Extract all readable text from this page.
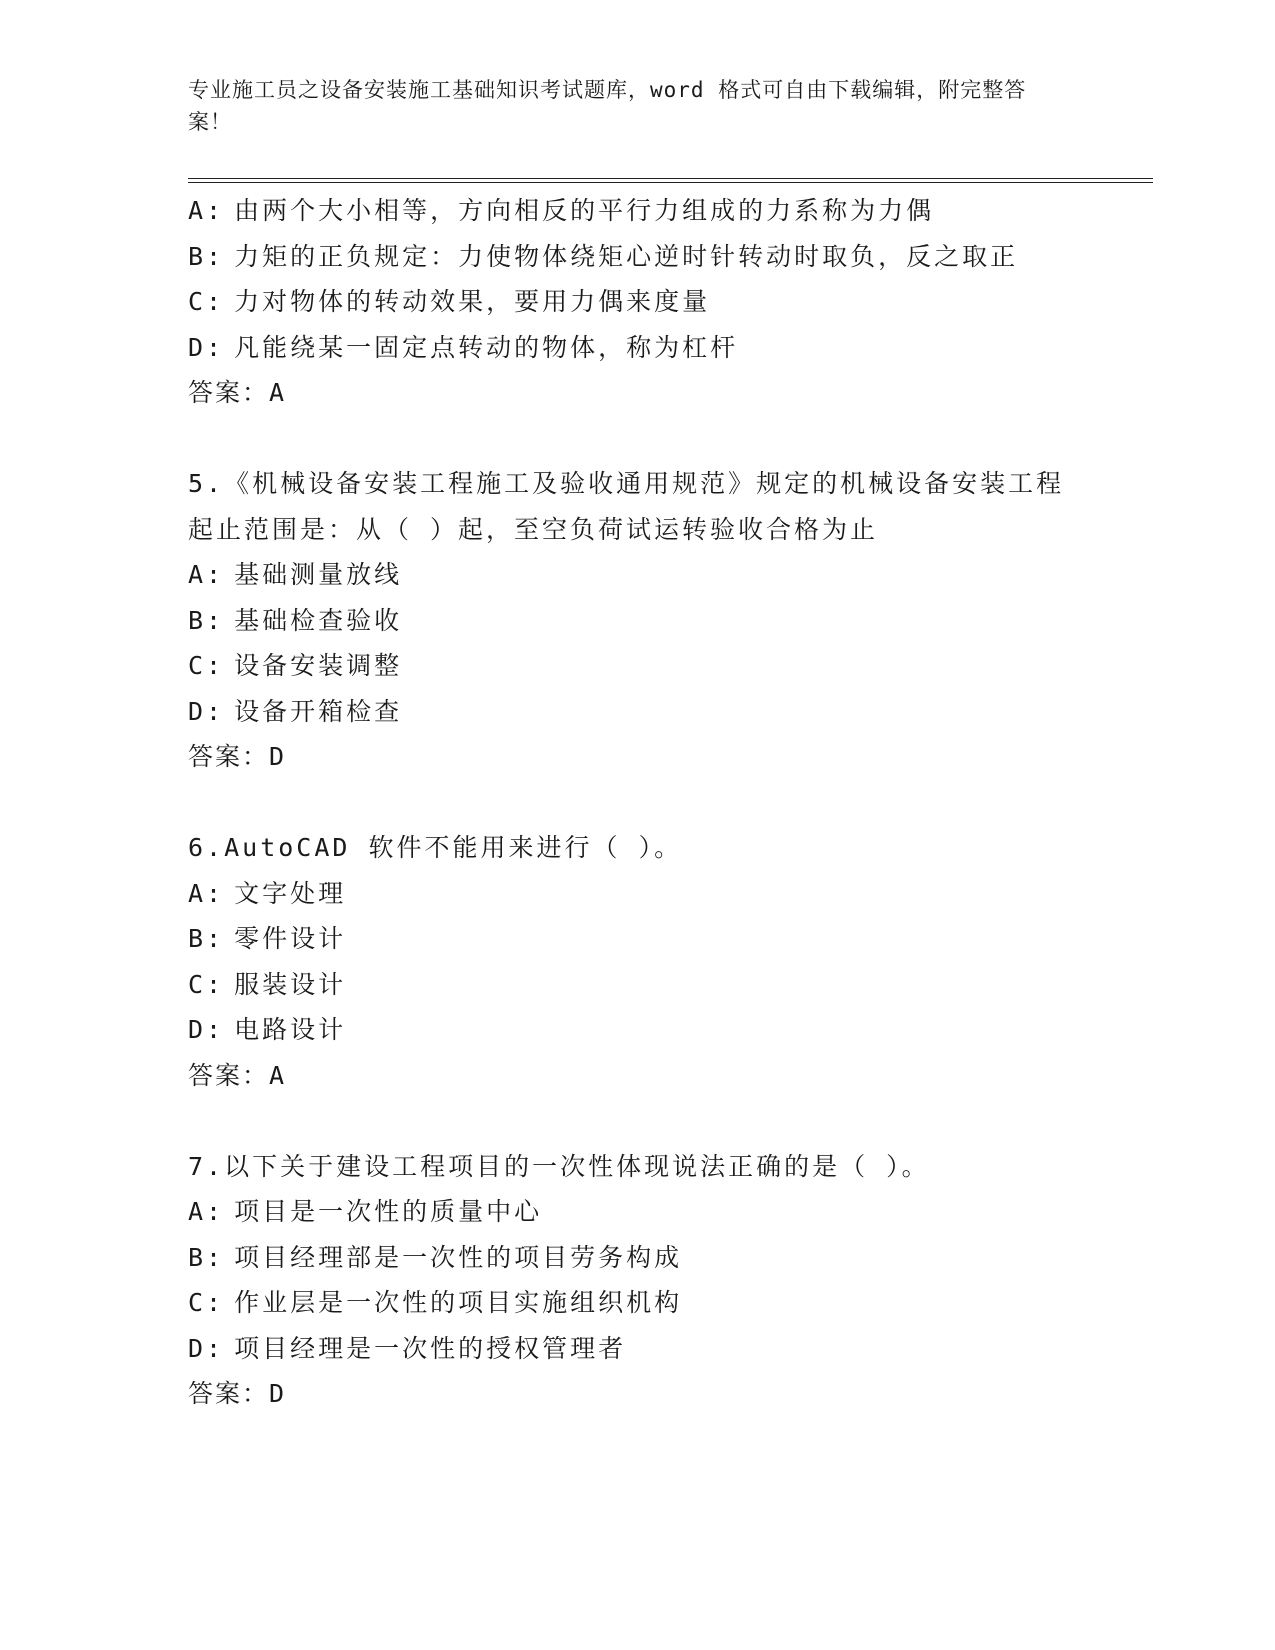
专业施工员之设备安装施工基础知识考试题库，word 格式可自由下载编辑，附完整答案！
A: 由两个大小相等，方向相反的平行力组成的力系称为力偶
B: 力矩的正负规定：力使物体绕矩心逆时针转动时取负，反之取正
C: 力对物体的转动效果，要用力偶来度量
D: 凡能绕某一固定点转动的物体，称为杠杆
答案：A
5.《机械设备安装工程施工及验收通用规范》规定的机械设备安装工程起止范围是：从（ ）起，至空负荷试运转验收合格为止
A: 基础测量放线
B: 基础检查验收
C: 设备安装调整
D: 设备开箱检查
答案：D
6.AutoCAD 软件不能用来进行（ ）。
A: 文字处理
B: 零件设计
C: 服装设计
D: 电路设计
答案：A
7.以下关于建设工程项目的一次性体现说法正确的是（ ）。
A: 项目是一次性的质量中心
B: 项目经理部是一次性的项目劳务构成
C: 作业层是一次性的项目实施组织机构
D: 项目经理是一次性的授权管理者
答案：D
